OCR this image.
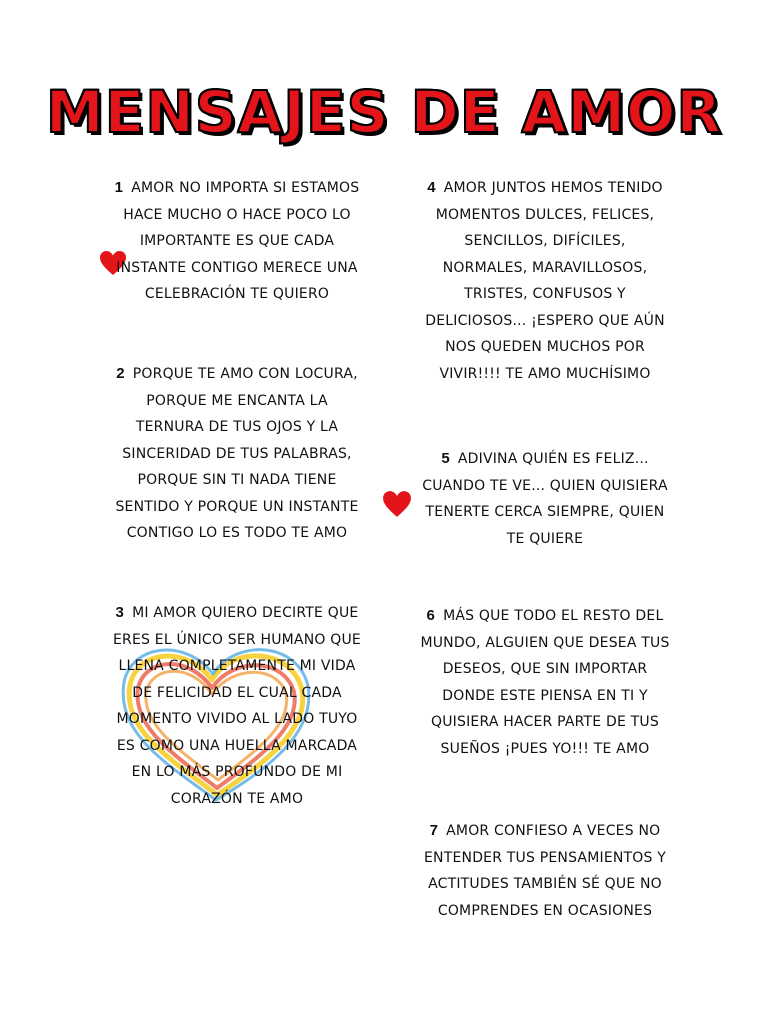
MENSAJES DE AMOR

1 AMOR NO IMPORTA SI ESTAMOS HACE MUCHO O HACE POCO LO IMPORTANTE ES QUE CADA INSTANTE CONTIGO MERECE UNA CELEBRACIÓN TE QUIERO

2 PORQUE TE AMO CON LOCURA, PORQUE ME ENCANTA LA TERNURA DE TUS OJOS Y LA SINCERIDAD DE TUS PALABRAS, PORQUE SIN TI NADA TIENE SENTIDO Y PORQUE UN INSTANTE CONTIGO LO ES TODO TE AMO

3 MI AMOR QUIERO DECIRTE QUE ERES EL ÚNICO SER HUMANO QUE LLENA COMPLETAMENTE MI VIDA DE FELICIDAD EL CUAL CADA MOMENTO VIVIDO AL LADO TUYO ES COMO UNA HUELLA MARCADA EN LO MÁS PROFUNDO DE MI CORAZÓN TE AMO

4 AMOR JUNTOS HEMOS TENIDO MOMENTOS DULCES, FELICES, SENCILLOS, DIFÍCILES, NORMALES, MARAVILLOSOS, TRISTES, CONFUSOS Y DELICIOSOS... ¡ESPERO QUE AÚN NOS QUEDEN MUCHOS POR VIVIR!!!! TE AMO MUCHÍSIMO

5 ADIVINA QUIÉN ES FELIZ... CUANDO TE VE... QUIEN QUISIERA TENERTE CERCA SIEMPRE, QUIEN TE QUIERE

6 MÁS QUE TODO EL RESTO DEL MUNDO, ALGUIEN QUE DESEA TUS DESEOS, QUE SIN IMPORTAR DONDE ESTE PIENSA EN TI Y QUISIERA HACER PARTE DE TUS SUEÑOS ¡PUES YO!!! TE AMO

7 AMOR CONFIESO A VECES NO ENTENDER TUS PENSAMIENTOS Y ACTITUDES TAMBIÉN SÉ QUE NO COMPRENDES EN OCASIONES
